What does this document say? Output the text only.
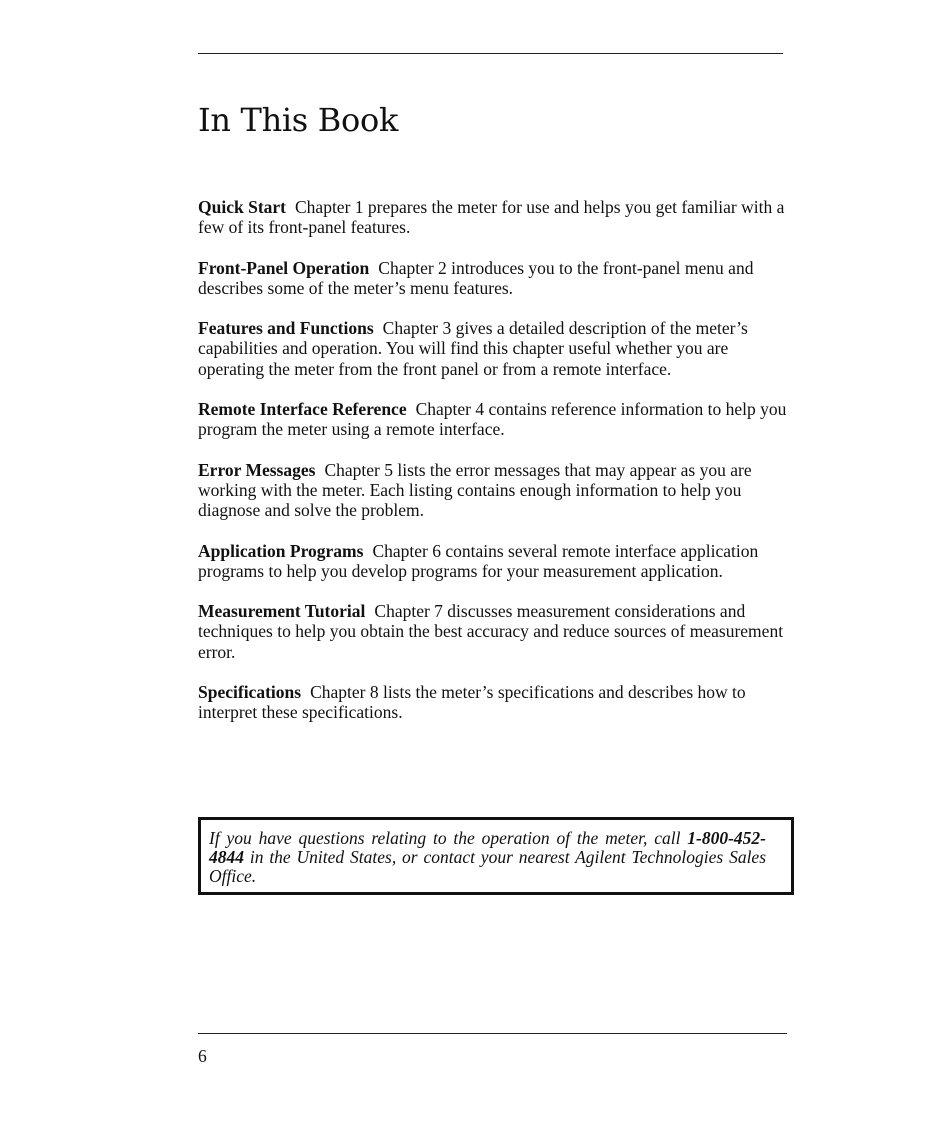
In This Book

Quick Start Chapter 1 prepares the meter for use and helps you get familiar with a few of its front-panel features.

Front-Panel Operation Chapter 2 introduces you to the front-panel menu and describes some of the meter’s menu features.

Features and Functions Chapter 3 gives a detailed description of the meter’s capabilities and operation. You will find this chapter useful whether you are operating the meter from the front panel or from a remote interface.

Remote Interface Reference Chapter 4 contains reference information to help you program the meter using a remote interface.

Error Messages Chapter 5 lists the error messages that may appear as you are working with the meter. Each listing contains enough information to help you diagnose and solve the problem.

Application Programs Chapter 6 contains several remote interface application programs to help you develop programs for your measurement application.

Measurement Tutorial Chapter 7 discusses measurement considerations and techniques to help you obtain the best accuracy and reduce sources of measurement error.

Specifications Chapter 8 lists the meter’s specifications and describes how to interpret these specifications.

If you have questions relating to the operation of the meter, call 1-800-452-4844 in the United States, or contact your nearest Agilent Technologies Sales Office.
6
